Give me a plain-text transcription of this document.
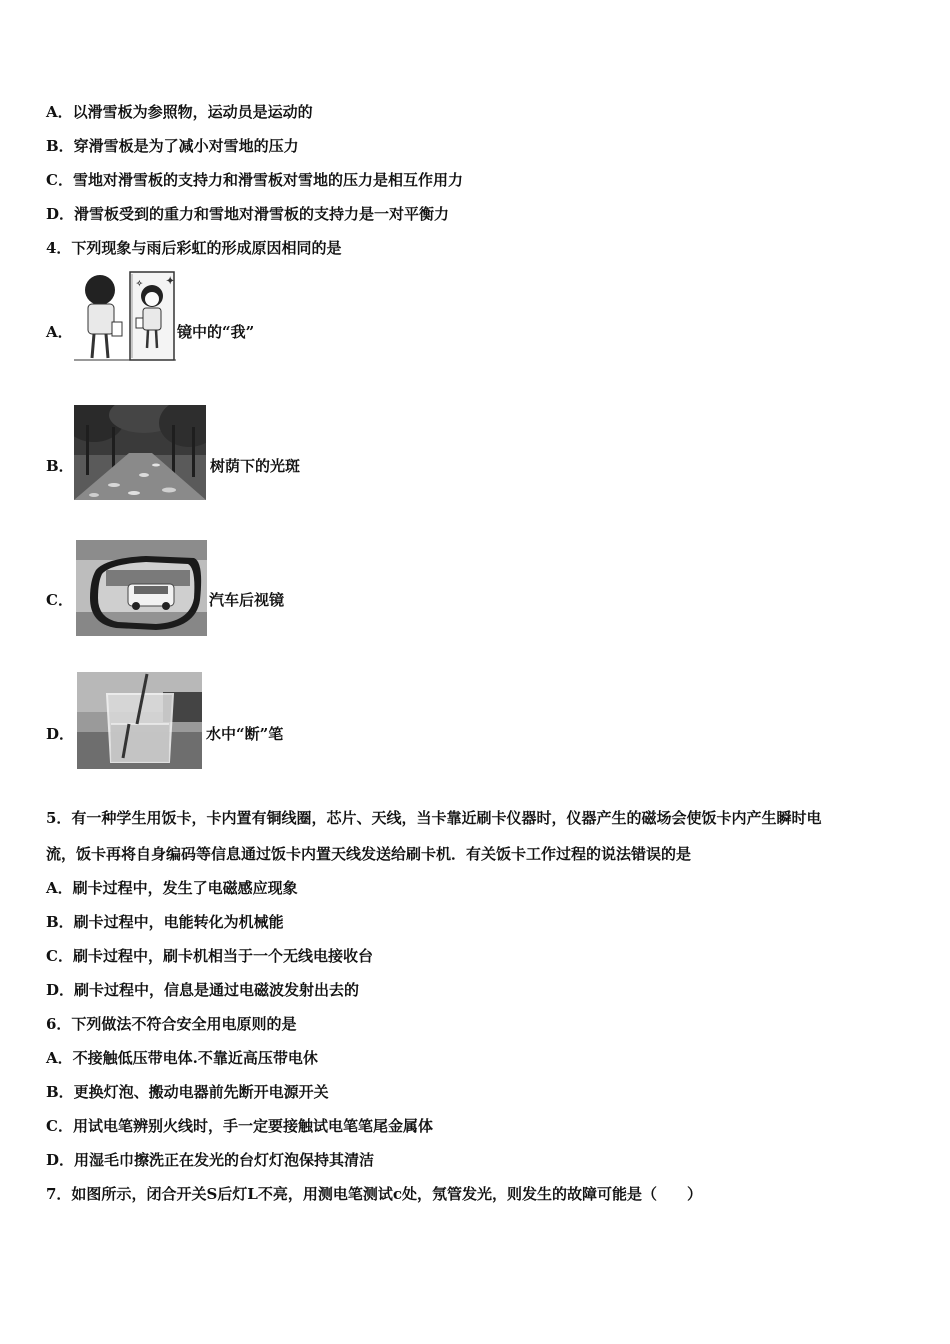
A．以滑雪板为参照物，运动员是运动的
B．穿滑雪板是为了减小对雪地的压力
C．雪地对滑雪板的支持力和滑雪板对雪地的压力是相互作用力
D．滑雪板受到的重力和雪地对滑雪板的支持力是一对平衡力
4．下列现象与雨后彩虹的形成原因相同的是
A．
✦
✧
镜中的“我”
B．	树荫下的光斑
C．	汽车后视镜
D．	水中“断”笔
5．有一种学生用饭卡，卡内置有铜线圈，芯片、天线，当卡靠近刷卡仪器时，仪器产生的磁场会使饭卡内产生瞬时电
流，饭卡再将自身编码等信息通过饭卡内置天线发送给刷卡机．有关饭卡工作过程的说法错误的是
A．刷卡过程中，发生了电磁感应现象
B．刷卡过程中，电能转化为机械能
C．刷卡过程中，刷卡机相当于一个无线电接收台
D．刷卡过程中，信息是通过电磁波发射出去的
6．下列做法不符合安全用电原则的是
A．不接触低压带电体.不靠近高压带电休
B．更换灯泡、搬动电器前先断开电源开关
C．用试电笔辨别火线时，手一定要接触试电笔笔尾金属体
D．用湿毛巾擦洗正在发光的台灯灯泡保持其清洁
7．如图所示，闭合开关S后灯L不亮，用测电笔测试c处，氖管发光，则发生的故障可能是（　　）
